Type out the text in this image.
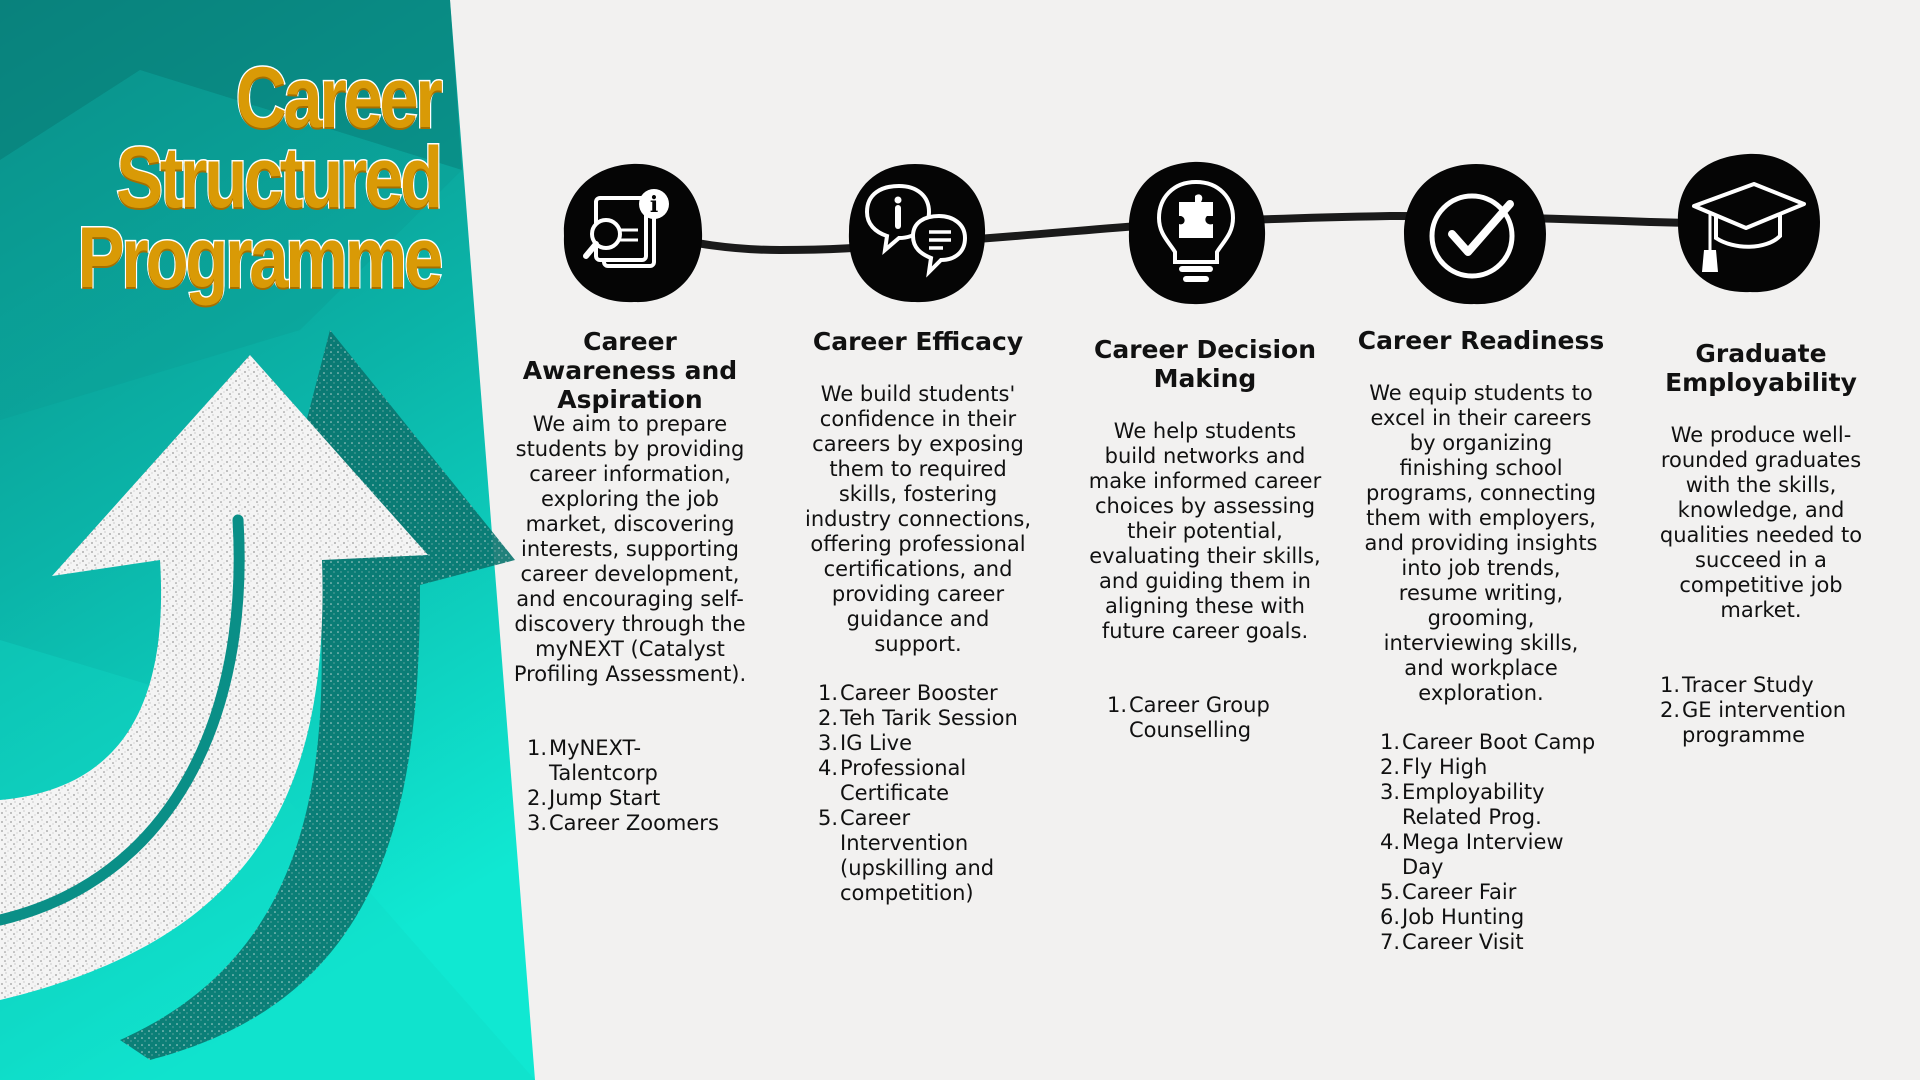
Career
Structured
Programme
i
Career Awareness and Aspiration

We aim to prepare students by providing career information, exploring the job market, discovering interests, supporting career development, and encouraging self-discovery through the myNEXT (Catalyst Profiling Assessment).

1. MyNEXT-Talentcorp
2. Jump Start
3. Career Zoomers
Career Efficacy

We build students' confidence in their careers by exposing them to required skills, fostering industry connections, offering professional certifications, and providing career guidance and support.

1. Career Booster
2. Teh Tarik Session
3. IG Live
4. Professional Certificate
5. Career Intervention (upskilling and competition)
Career Decision Making

We help students build networks and make informed career choices by assessing their potential, evaluating their skills, and guiding them in aligning these with future career goals.

1. Career Group Counselling
Career Readiness

We equip students to excel in their careers by organizing finishing school programs, connecting them with employers, and providing insights into job trends, resume writing, grooming, interviewing skills, and workplace exploration.

1. Career Boot Camp
2. Fly High
3. Employability Related Prog.
4. Mega Interview Day
5. Career Fair
6. Job Hunting
7. Career Visit
Graduate Employability

We produce well-rounded graduates with the skills, knowledge, and qualities needed to succeed in a competitive job market.

1. Tracer Study
2. GE intervention programme
